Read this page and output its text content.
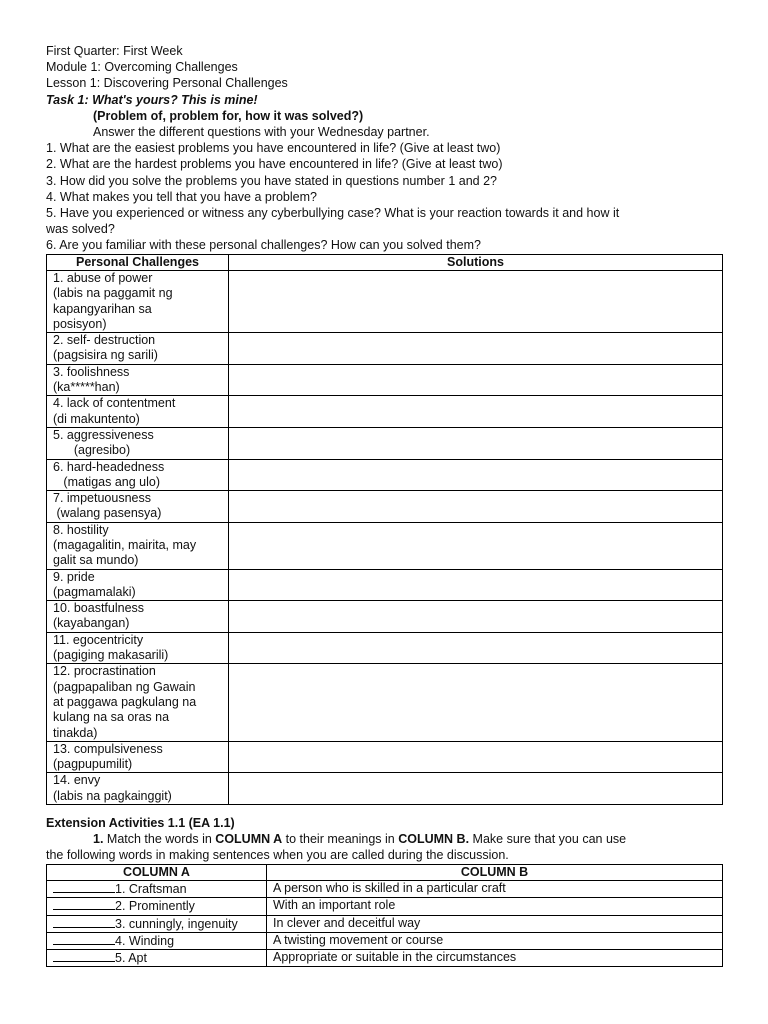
First Quarter: First Week
Module 1: Overcoming Challenges
Lesson 1: Discovering Personal Challenges
Task 1: What's yours? This is mine!
(Problem of, problem for, how it was solved?)
Answer the different questions with your Wednesday partner.
1. What are the easiest problems you have encountered in life? (Give at least two)
2. What are the hardest problems you have encountered in life? (Give at least two)
3. How did you solve the problems you have stated in questions number 1 and 2?
4. What makes you tell that you have a problem?
5. Have you experienced or witness any cyberbullying case? What is your reaction towards it and how it
was solved?
6. Are you familiar with these personal challenges? How can you solved them?
Personal Challenges	Solutions

1. abuse of power
(labis na paggamit ng
kapangyarihan sa
posisyon)	

2. self- destruction
(pagsisira ng sarili)	

3. foolishness
(ka*****han)	

4. lack of contentment
(di makuntento)	

5. aggressiveness
(agresibo)	

6. hard-headedness
(matigas ang ulo)	

7. impetuousness
(walang pasensya)	

8. hostility
(magagalitin, mairita, may
galit sa mundo)	

9. pride
(pagmamalaki)	

10. boastfulness
(kayabangan)	

11. egocentricity
(pagiging makasarili)	

12. procrastination
(pagpapaliban ng Gawain
at paggawa pagkulang na
kulang na sa oras na
tinakda)	

13. compulsiveness
(pagpupumilit)	

14. envy
(labis na pagkainggit)	

Extension Activities 1.1 (EA 1.1)
1. Match the words in COLUMN A to their meanings in COLUMN B. Make sure that you can use
the following words in making sentences when you are called during the discussion.
COLUMN A	COLUMN B
1. Craftsman	A person who is skilled in a particular craft
2. Prominently	With an important role
3. cunningly, ingenuity	In clever and deceitful way
4. Winding	A twisting movement or course
5. Apt	Appropriate or suitable in the circumstances
